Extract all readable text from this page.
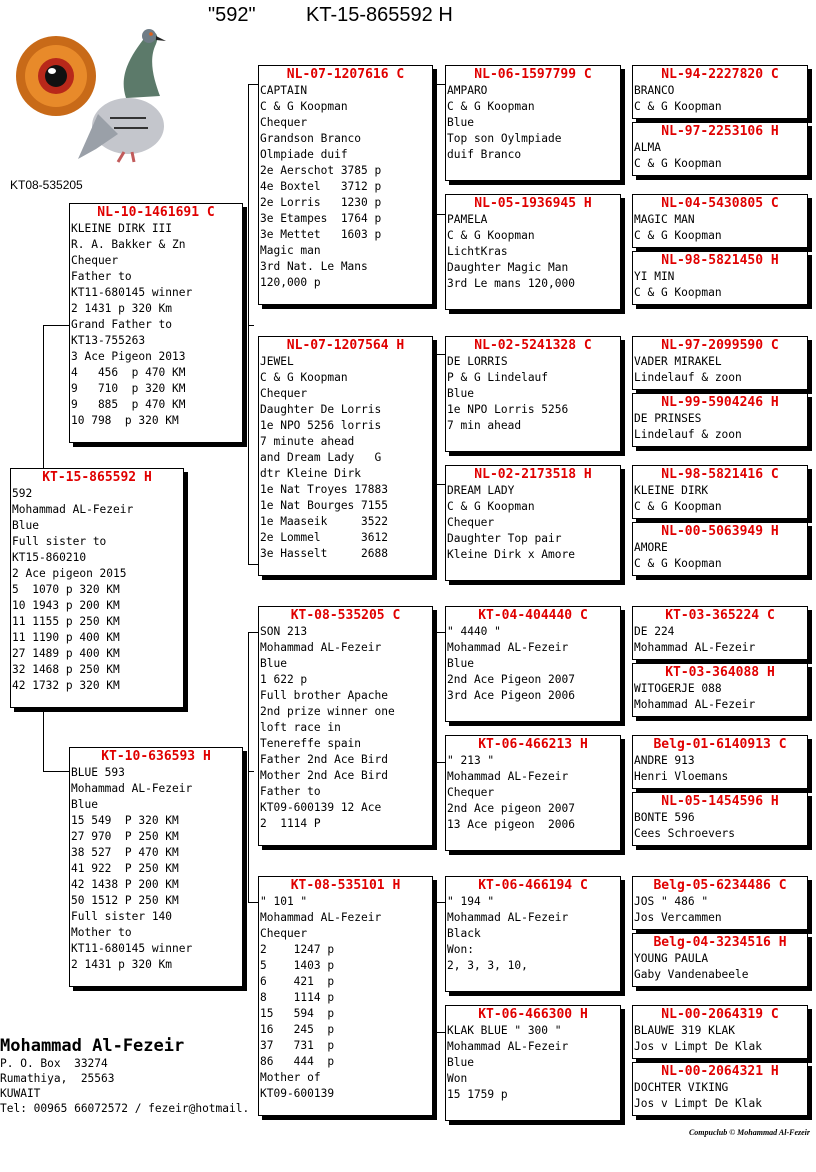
"592"	KT-15-865592 H
KT08-535205
KT-15-865592 H
592
Mohammad AL-Fezeir
Blue
Full sister to
KT15-860210
2 Ace pigeon 2015
5  1070 p 320 KM
10 1943 p 200 KM
11 1155 p 250 KM
11 1190 p 400 KM
27 1489 p 400 KM
32 1468 p 250 KM
42 1732 p 320 KM
NL-10-1461691 C
KLEINE DIRK III
R. A. Bakker & Zn
Chequer
Father to
KT11-680145 winner
2 1431 p 320 Km
Grand Father to
KT13-755263
3 Ace Pigeon 2013
4   456  p 470 KM
9   710  p 320 KM
9   885  p 470 KM
10 798  p 320 KM
KT-10-636593 H
BLUE 593
Mohammad AL-Fezeir
Blue
15 549  P 320 KM
27 970  P 250 KM
38 527  P 470 KM
41 922  P 250 KM
42 1438 P 200 KM
50 1512 P 250 KM
Full sister 140
Mother to
KT11-680145 winner
2 1431 p 320 Km
NL-07-1207616 C
CAPTAIN
C & G Koopman
Chequer
Grandson Branco
Olmpiade duif
2e Aerschot 3785 p
4e Boxtel   3712 p
2e Lorris   1230 p
3e Etampes  1764 p
3e Mettet   1603 p
Magic man
3rd Nat. Le Mans
120,000 p
NL-07-1207564 H
JEWEL
C & G Koopman
Chequer
Daughter De Lorris
1e NPO 5256 lorris
7 minute ahead
and Dream Lady   G
dtr Kleine Dirk
1e Nat Troyes 17883
1e Nat Bourges 7155
1e Maaseik     3522
2e Lommel      3612
3e Hasselt     2688
KT-08-535205 C
SON 213
Mohammad AL-Fezeir
Blue
1 622 p
Full brother Apache
2nd prize winner one
loft race in
Tenereffe spain
Father 2nd Ace Bird
Mother 2nd Ace Bird
Father to
KT09-600139 12 Ace
2  1114 P
KT-08-535101 H
" 101 "
Mohammad AL-Fezeir
Chequer
2    1247 p
5    1403 p
6    421  p
8    1114 p
15   594  p
16   245  p
37   731  p
86   444  p
Mother of
KT09-600139
NL-06-1597799 C
AMPARO
C & G Koopman
Blue
Top son Oylmpiade
duif Branco
NL-05-1936945 H
PAMELA
C & G Koopman
LichtKras
Daughter Magic Man
3rd Le mans 120,000
NL-02-5241328 C
DE LORRIS
P & G Lindelauf
Blue
1e NPO Lorris 5256
7 min ahead
NL-02-2173518 H
DREAM LADY
C & G Koopman
Chequer
Daughter Top pair
Kleine Dirk x Amore
KT-04-404440 C
" 4440 "
Mohammad AL-Fezeir
Blue
2nd Ace Pigeon 2007
3rd Ace Pigeon 2006
KT-06-466213 H
" 213 "
Mohammad AL-Fezeir
Chequer
2nd Ace pigeon 2007
13 Ace pigeon  2006
KT-06-466194 C
" 194 "
Mohammad AL-Fezeir
Black
Won:
2, 3, 3, 10,
KT-06-466300 H
KLAK BLUE " 300 "
Mohammad AL-Fezeir
Blue
Won
15 1759 p
NL-94-2227820 C
BRANCO
C & G Koopman
NL-97-2253106 H
ALMA
C & G Koopman
NL-04-5430805 C
MAGIC MAN
C & G Koopman
NL-98-5821450 H
YI MIN
C & G Koopman
NL-97-2099590 C
VADER MIRAKEL
Lindelauf & zoon
NL-99-5904246 H
DE PRINSES
Lindelauf & zoon
NL-98-5821416 C
KLEINE DIRK
C & G Koopman
NL-00-5063949 H
AMORE
C & G Koopman
KT-03-365224 C
DE 224
Mohammad AL-Fezeir
KT-03-364088 H
WITOGERJE 088
Mohammad AL-Fezeir
Belg-01-6140913 C
ANDRE 913
Henri Vloemans
NL-05-1454596 H
BONTE 596
Cees Schroevers
Belg-05-6234486 C
JOS " 486 "
Jos Vercammen
Belg-04-3234516 H
YOUNG PAULA
Gaby Vandenabeele
NL-00-2064319 C
BLAUWE 319 KLAK
Jos v Limpt De Klak
NL-00-2064321 H
DOCHTER VIKING
Jos v Limpt De Klak
Mohammad Al-Fezeir
P. O. Box  33274
Rumathiya,  25563
KUWAIT
Tel: 00965 66072572 / fezeir@hotmail.
Compuclub © Mohammad Al-Fezeir
